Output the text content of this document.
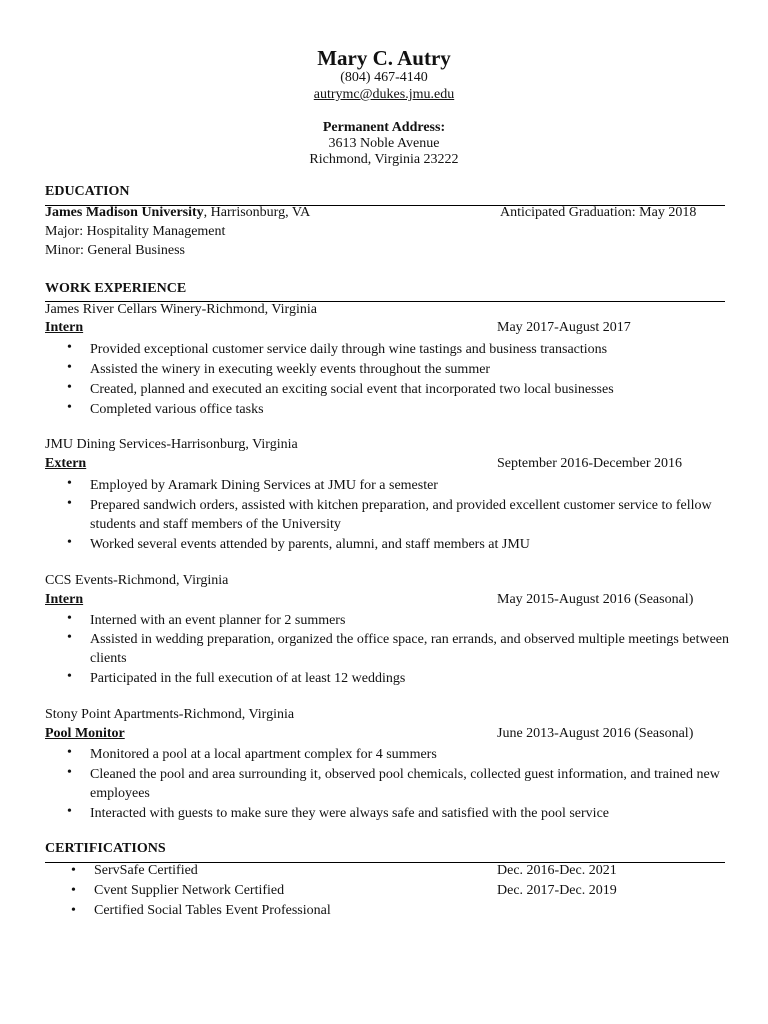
Mary C. Autry
(804) 467-4140
autrymc@dukes.jmu.edu
Permanent Address:
3613 Noble Avenue
Richmond, Virginia 23222
EDUCATION
James Madison University, Harrisonburg, VA	Anticipated Graduation: May 2018
Major: Hospitality Management
Minor: General Business
WORK EXPERIENCE
James River Cellars Winery-Richmond, Virginia
Intern	May 2017-August 2017
• Provided exceptional customer service daily through wine tastings and business transactions
• Assisted the winery in executing weekly events throughout the summer
• Created, planned and executed an exciting social event that incorporated two local businesses
• Completed various office tasks
JMU Dining Services-Harrisonburg, Virginia
Extern	September 2016-December 2016
• Employed by Aramark Dining Services at JMU for a semester
• Prepared sandwich orders, assisted with kitchen preparation, and provided excellent customer service to fellow students and staff members of the University
• Worked several events attended by parents, alumni, and staff members at JMU
CCS Events-Richmond, Virginia
Intern	May 2015-August 2016 (Seasonal)
• Interned with an event planner for 2 summers
• Assisted in wedding preparation, organized the office space, ran errands, and observed multiple meetings between clients
• Participated in the full execution of at least 12 weddings
Stony Point Apartments-Richmond, Virginia
Pool Monitor	June 2013-August 2016 (Seasonal)
• Monitored a pool at a local apartment complex for 4 summers
• Cleaned the pool and area surrounding it, observed pool chemicals, collected guest information, and trained new employees
• Interacted with guests to make sure they were always safe and satisfied with the pool service
CERTIFICATIONS
• ServSafe Certified	Dec. 2016-Dec. 2021
• Cvent Supplier Network Certified	Dec. 2017-Dec. 2019
• Certified Social Tables Event Professional
